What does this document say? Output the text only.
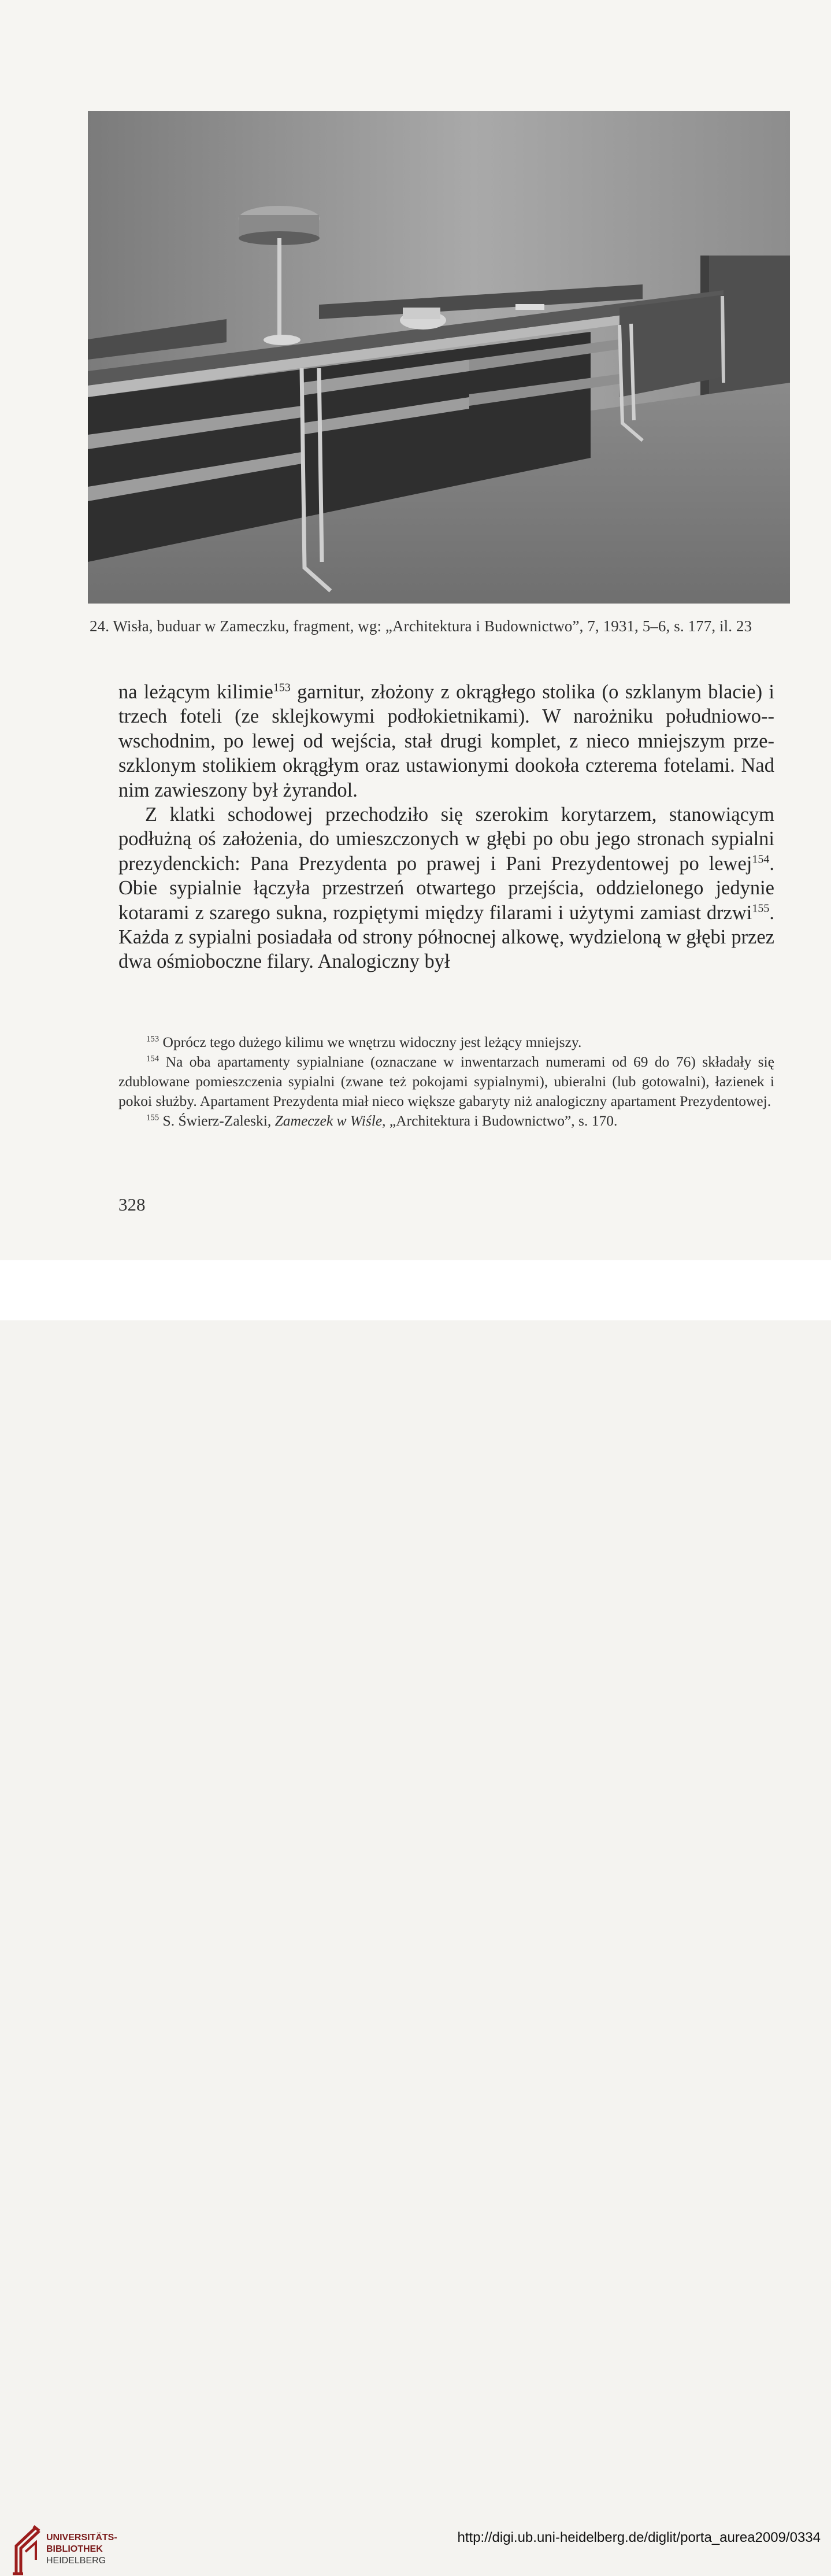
24. Wisła, buduar w Zameczku, fragment, wg: „Architektura i Budownictwo”, 7, 1931, 5–6, s. 177, il. 23

na leżącym kilimie$^{153}$ garnitur, złożony z okrągłego stolika (o szklanym blacie) i trzech foteli (ze sklejkowymi podłokietnikami). W narożniku południowo-wschodnim, po lewej od wejścia, stał drugi komplet, z nieco mniejszym przeszklonym stolikiem okrągłym oraz ustawionymi dookoła czterema fotelami. Nad nim zawieszony był żyrandol.

Z klatki schodowej przechodziło się szerokim korytarzem, stanowiącym podłużną oś założenia, do umieszczonych w głębi po obu jego stronach sypialni prezydenckich: Pana Prezydenta po prawej i Pani Prezydentowej po lewej$^{154}$. Obie sypialnie łączyła przestrzeń otwartego przejścia, oddzielonego jedynie kotarami z szarego sukna, rozpiętymi między filarami i użytymi zamiast drzwi$^{155}$. Każda z sypialni posiadała od strony północnej alkowę, wydzieloną w głębi przez dwa ośmioboczne filary. Analogiczny był

$^{153}$ Oprócz tego dużego kilimu we wnętrzu widoczny jest leżący mniejszy.

$^{154}$ Na oba apartamenty sypialniane (oznaczane w inwentarzach numerami od 69 do 76) składały się zdublowane pomieszczenia sypialni (zwane też pokojami sypialnymi), ubieralni (lub gotowalni), łazienek i pokoi służby. Apartament Prezydenta miał nieco większe gabaryty niż analogiczny apartament Prezydentowej.

$^{155}$ S. Świerz-Zaleski, Zameczek w Wiśle, „Architektura i Budownictwo”, s. 170.

328
UNIVERSITÄTS-
BIBLIOTHEK
HEIDELBERG
http://digi.ub.uni-heidelberg.de/diglit/porta_aurea2009/0334
